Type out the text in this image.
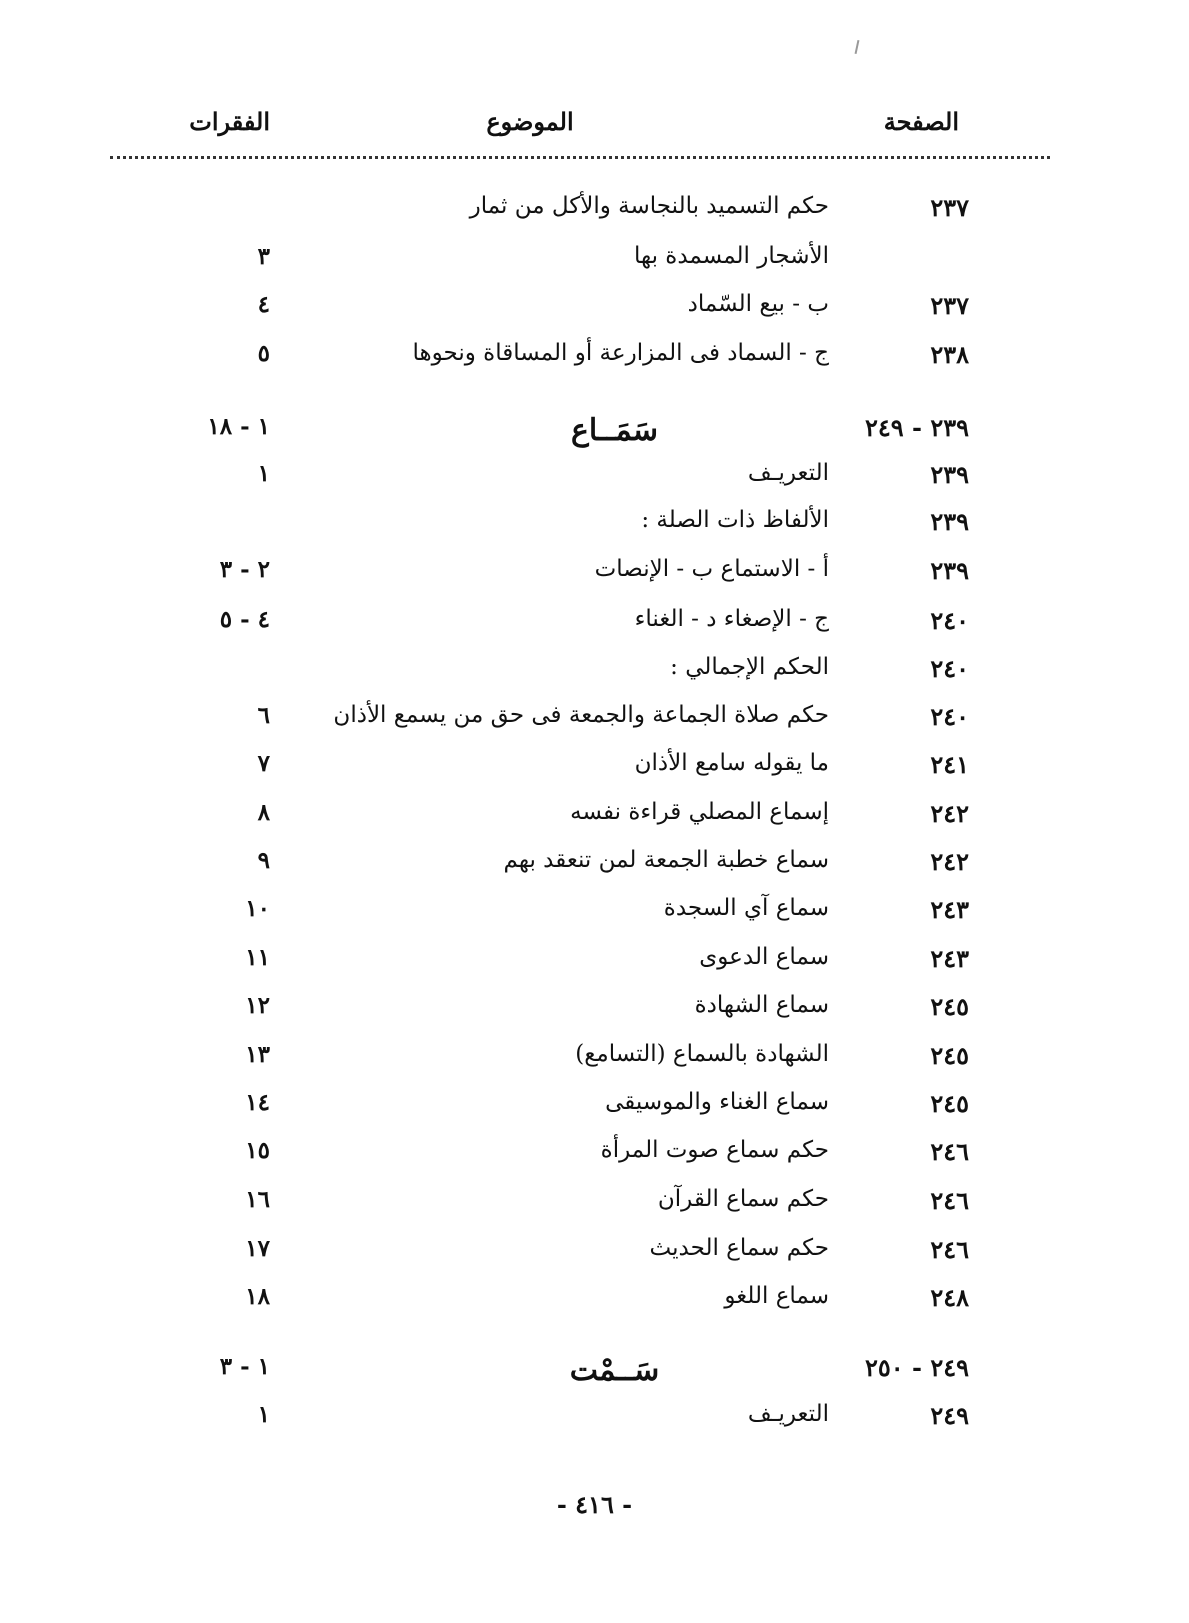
الصفحة
الموضوع
الفقرات
٢٣٧
حكم التسميد بالنجاسة والأكل من ثمار
الأشجار المسمدة بها
٣
٢٣٧
ب - بيع السّماد
٤
٢٣٨
ج - السماد فى المزارعة أو المساقاة ونحوها
٥
٢٣٩ - ٢٤٩
سَمَــاع
١ - ١٨
٢٣٩
التعريـف
١
٢٣٩
الألفاظ ذات الصلة :
٢٣٩
أ - الاستماع ب - الإنصات
٢ - ٣
٢٤٠
ج - الإصغاء د - الغناء
٤ - ٥
٢٤٠
الحكم الإجمالي :
٢٤٠
حكم صلاة الجماعة والجمعة فى حق من يسمع الأذان
٦
٢٤١
ما يقوله سامع الأذان
٧
٢٤٢
إسماع المصلي قراءة نفسه
٨
٢٤٢
سماع خطبة الجمعة لمن تنعقد بهم
٩
٢٤٣
سماع آي السجدة
١٠
٢٤٣
سماع الدعوى
١١
٢٤٥
سماع الشهادة
١٢
٢٤٥
الشهادة بالسماع (التسامع)
١٣
٢٤٥
سماع الغناء والموسيقى
١٤
٢٤٦
حكم سماع صوت المرأة
١٥
٢٤٦
حكم سماع القرآن
١٦
٢٤٦
حكم سماع الحديث
١٧
٢٤٨
سماع اللغو
١٨
٢٤٩ - ٢٥٠
سَــمْت
١ - ٣
٢٤٩
التعريـف
١
- ٤١٦ -
